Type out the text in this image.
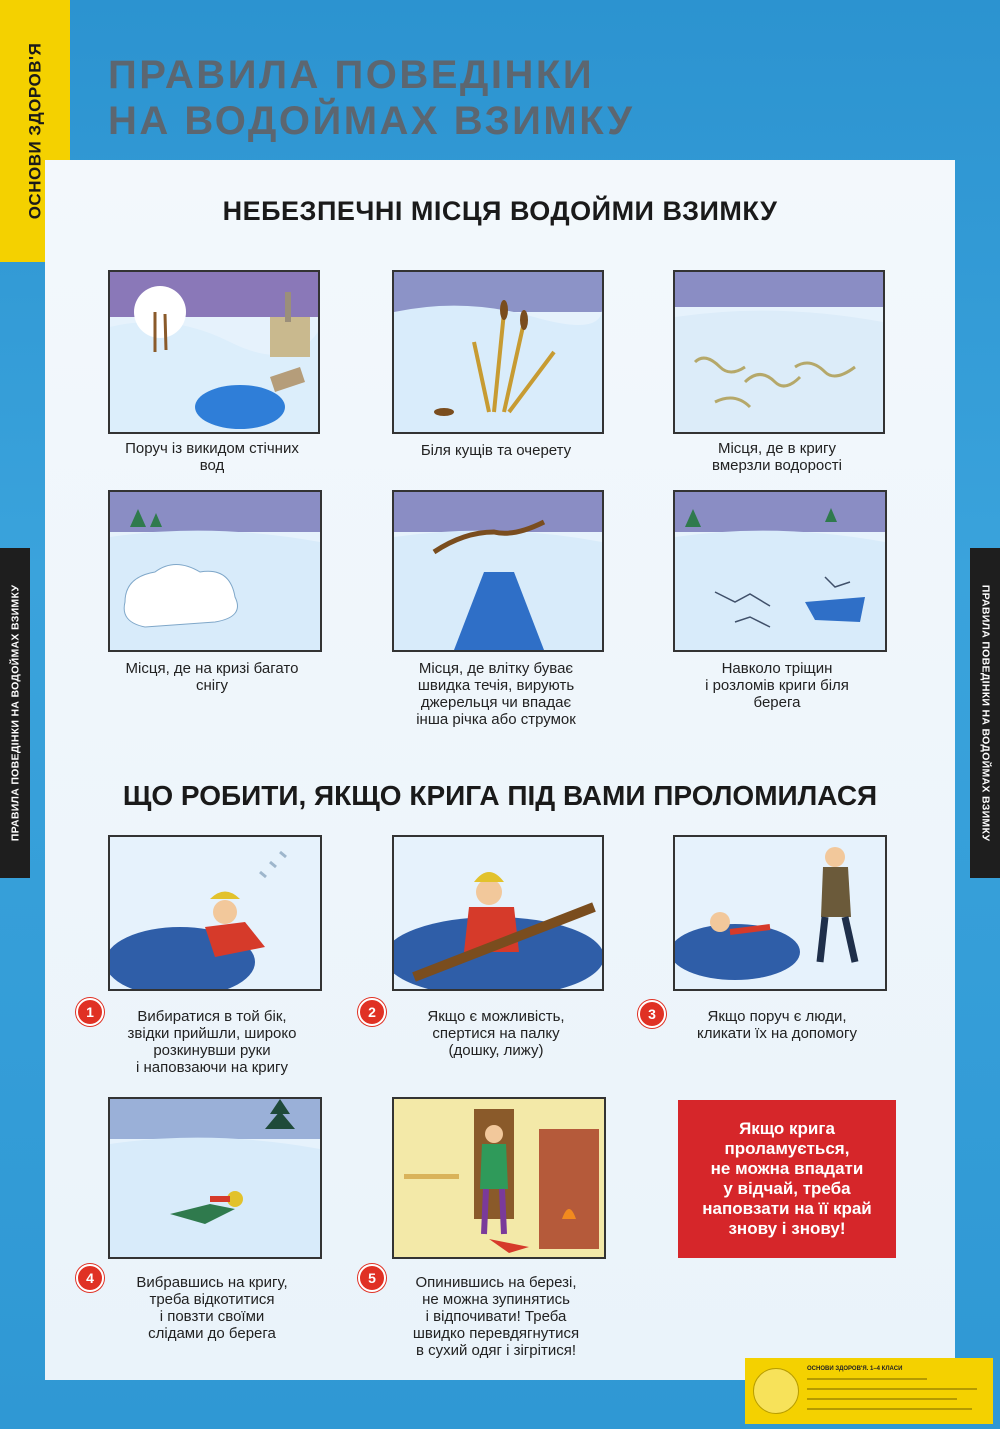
ОСНОВИ ЗДОРОВ'Я
ПРАВИЛА ПОВЕДІНКИ НА ВОДОЙМАХ ВЗИМКУ	ПРАВИЛА ПОВЕДІНКИ НА ВОДОЙМАХ ВЗИМКУ
ПРАВИЛА ПОВЕДІНКИ
НА ВОДОЙМАХ ВЗИМКУ
НЕБЕЗПЕЧНІ МІСЦЯ ВОДОЙМИ ВЗИМКУ
Поруч із викидом стічних
вод
Біля кущів та очерету	Місця, де в кригу
вмерзли водорості
Місця, де на кризі багато
снігу
Місця, де влітку буває
швидка течія, вирують
джерельця чи впадає
інша річка або струмок
Навколо тріщин
і розломів криги біля
берега
ЩО РОБИТИ, ЯКЩО КРИГА ПІД ВАМИ ПРОЛОМИЛАСЯ
1	2	3
Вибиратися в той бік,
звідки прийшли, широко
розкинувши руки
і наповзаючи на кригу
Якщо є можливість,
спертися на палку
(дошку, лижу)
Якщо поруч є люди,
кликати їх на допомогу
4	5
Вибравшись на кригу,
треба відкотитися
і повзти своїми
слідами до берега
Опинившись на березі,
не можна зупинятись
і відпочивати! Треба
швидко перевдягнутися
в сухий одяг і зігрітися!
Якщо крига
проламується,
не можна впадати
у відчай, треба
наповзати на її край
знову і знову!
ОСНОВИ ЗДОРОВ'Я. 1–4 КЛАСИ
